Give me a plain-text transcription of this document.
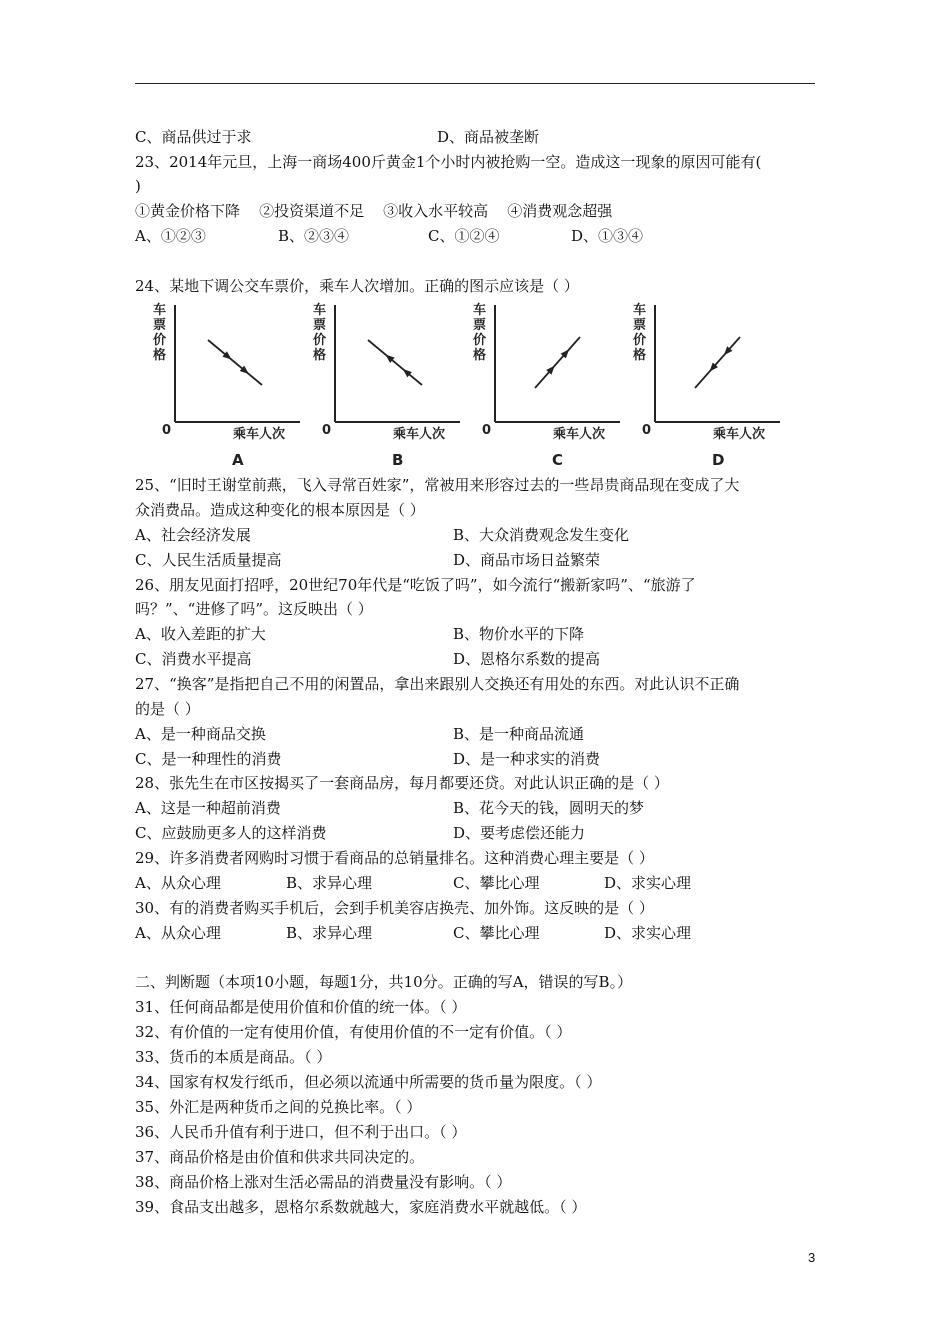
C、商品供过于求	D、商品被垄断
23、2014年元旦，上海一商场400斤黄金1个小时内被抢购一空。造成这一现象的原因可能有(
)
①黄金价格下降    ②投资渠道不足    ③收入水平较高    ④消费观念超强
A、①②③	B、②③④	C、①②④	D、①③④
24、某地下调公交车票价，乘车人次增加。正确的图示应该是（ ）
车
票
价
格
0	乘车人次
A
车
票
价
格
0	乘车人次
B
车
票
价
格
0	乘车人次
C
车
票
价
格
0	乘车人次
D
25、“旧时王谢堂前燕，飞入寻常百姓家”，常被用来形容过去的一些昂贵商品现在变成了大
众消费品。造成这种变化的根本原因是（ ）
A、社会经济发展	B、大众消费观念发生变化
C、人民生活质量提高	D、商品市场日益繁荣
26、朋友见面打招呼，20世纪70年代是“吃饭了吗”，如今流行“搬新家吗”、“旅游了
吗？”、“进修了吗”。这反映出（ ）
A、收入差距的扩大	B、物价水平的下降
C、消费水平提高	D、恩格尔系数的提高
27、“换客”是指把自己不用的闲置品，拿出来跟别人交换还有用处的东西。对此认识不正确
的是（ ）
A、是一种商品交换	B、是一种商品流通
C、是一种理性的消费	D、是一种求实的消费
28、张先生在市区按揭买了一套商品房，每月都要还贷。对此认识正确的是（ ）
A、这是一种超前消费	B、花今天的钱，圆明天的梦
C、应鼓励更多人的这样消费	D、要考虑偿还能力
29、许多消费者网购时习惯于看商品的总销量排名。这种消费心理主要是（ ）
A、从众心理	B、求异心理	C、攀比心理	D、求实心理
30、有的消费者购买手机后，会到手机美容店换壳、加外饰。这反映的是（ ）
A、从众心理	B、求异心理	C、攀比心理	D、求实心理
二、判断题（本项10小题，每题1分，共10分。正确的写A，错误的写B。）
31、任何商品都是使用价值和价值的统一体。（ ）
32、有价值的一定有使用价值，有使用价值的不一定有价值。（ ）
33、货币的本质是商品。（ ）
34、国家有权发行纸币，但必须以流通中所需要的货币量为限度。（ ）
35、外汇是两种货币之间的兑换比率。（ ）
36、人民币升值有利于进口，但不利于出口。（ ）
37、商品价格是由价值和供求共同决定的。
38、商品价格上涨对生活必需品的消费量没有影响。（ ）
39、食品支出越多，恩格尔系数就越大，家庭消费水平就越低。（ ）
3
